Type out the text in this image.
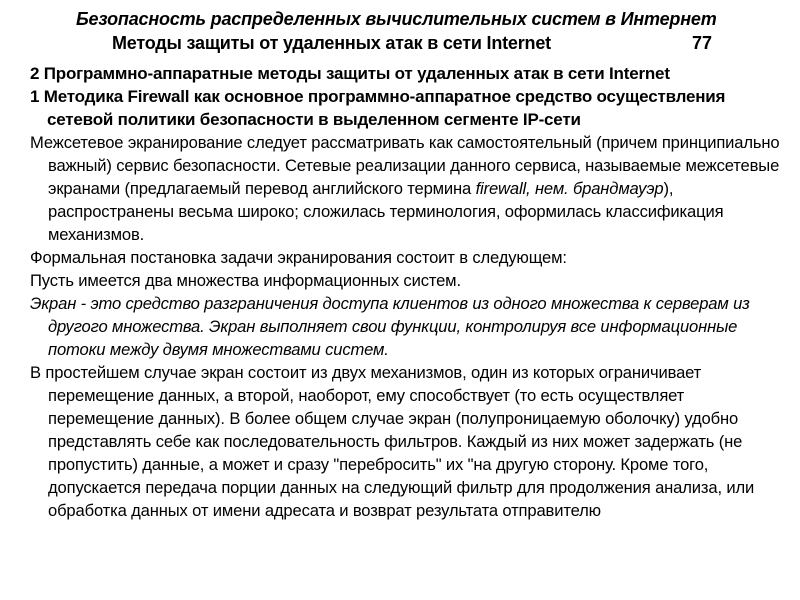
Безопасность распределенных вычислительных систем в Интернет
Методы защиты от удаленных атак в сети Internet	77

2 Программно-аппаратные методы защиты от удаленных атак в сети Internet

1 Методика Firewall как основное программно-аппаратное средство осуществления сетевой политики безопасности в выделенном сегменте IP-сети

Межсетевое экранирование следует рассматривать как самостоятельный (причем принципиально важный) сервис безопасности. Сетевые реализации данного сервиса, называемые межсетевые экранами (предлагаемый перевод английского термина firewall, нем. брандмауэр), распространены весьма широко; сложилась терминология, оформилась классификация механизмов.

Формальная постановка задачи экранирования состоит в следующем:

Пусть имеется два множества информационных систем.

Экран - это средство разграничения доступа клиентов из одного множества к серверам из другого множества. Экран выполняет свои функции, контролируя все информационные потоки между двумя множествами систем.

В простейшем случае экран состоит из двух механизмов, один из которых ограничивает перемещение данных, а второй, наоборот, ему способствует (то есть осуществляет перемещение данных). В более общем случае экран (полупроницаемую оболочку) удобно представлять себе как последовательность фильтров. Каждый из них может задержать (не пропустить) данные, а может и сразу "перебросить" их "на другую сторону. Кроме того, допускается передача порции данных на следующий фильтр для продолжения анализа, или обработка данных от имени адресата и возврат результата отправителю
